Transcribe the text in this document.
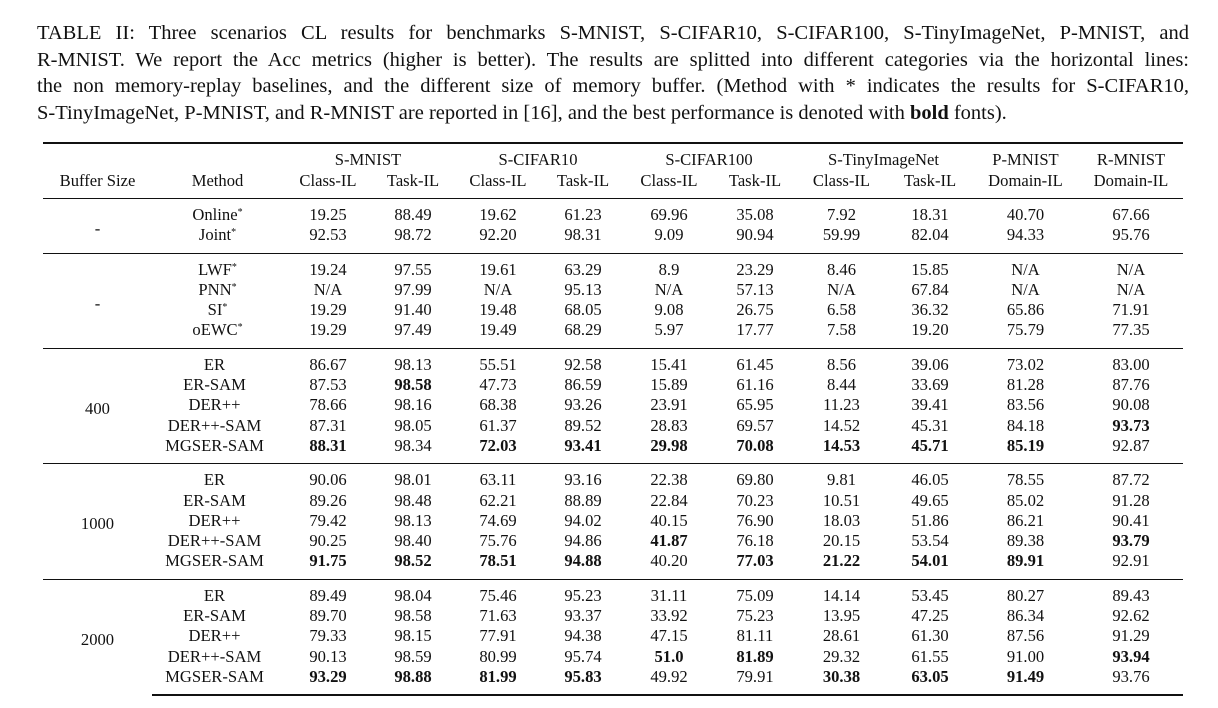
TABLE II: Three scenarios CL results for benchmarks S-MNIST, S-CIFAR10, S-CIFAR100, S-TinyImageNet, P-MNIST, and

R-MNIST. We report the Acc metrics (higher is better). The results are splitted into different categories via the horizontal lines:

the non memory-replay baselines, and the different size of memory buffer. (Method with * indicates the results for S-CIFAR10,

S-TinyImageNet, P-MNIST, and R-MNIST are reported in [16], and the best performance is denoted with bold fonts).

Buffer Size	Method	S-MNIST		S-CIFAR10		S-CIFAR100		S-TinyImageNet		P-MNIST	R-MNIST
		Class-IL	Task-IL	Class-IL	Task-IL	Class-IL	Task-IL	Class-IL	Task-IL	Domain-IL	Domain-IL
-	Online*	19.25	88.49	19.62	61.23	69.96	35.08	7.92	18.31	40.70	67.66
	Joint*	92.53	98.72	92.20	98.31	9.09	90.94	59.99	82.04	94.33	95.76
-	LWF*	19.24	97.55	19.61	63.29	8.9	23.29	8.46	15.85	N/A	N/A
	PNN*	N/A	97.99	N/A	95.13	N/A	57.13	N/A	67.84	N/A	N/A
	SI*	19.29	91.40	19.48	68.05	9.08	26.75	6.58	36.32	65.86	71.91
	oEWC*	19.29	97.49	19.49	68.29	5.97	17.77	7.58	19.20	75.79	77.35
400	ER	86.67	98.13	55.51	92.58	15.41	61.45	8.56	39.06	73.02	83.00
	ER-SAM	87.53	98.58	47.73	86.59	15.89	61.16	8.44	33.69	81.28	87.76
	DER++	78.66	98.16	68.38	93.26	23.91	65.95	11.23	39.41	83.56	90.08
	DER++-SAM	87.31	98.05	61.37	89.52	28.83	69.57	14.52	45.31	84.18	93.73
	MGSER-SAM	88.31	98.34	72.03	93.41	29.98	70.08	14.53	45.71	85.19	92.87
1000	ER	90.06	98.01	63.11	93.16	22.38	69.80	9.81	46.05	78.55	87.72
	ER-SAM	89.26	98.48	62.21	88.89	22.84	70.23	10.51	49.65	85.02	91.28
	DER++	79.42	98.13	74.69	94.02	40.15	76.90	18.03	51.86	86.21	90.41
	DER++-SAM	90.25	98.40	75.76	94.86	41.87	76.18	20.15	53.54	89.38	93.79
	MGSER-SAM	91.75	98.52	78.51	94.88	40.20	77.03	21.22	54.01	89.91	92.91
2000	ER	89.49	98.04	75.46	95.23	31.11	75.09	14.14	53.45	80.27	89.43
	ER-SAM	89.70	98.58	71.63	93.37	33.92	75.23	13.95	47.25	86.34	92.62
	DER++	79.33	98.15	77.91	94.38	47.15	81.11	28.61	61.30	87.56	91.29
	DER++-SAM	90.13	98.59	80.99	95.74	51.0	81.89	29.32	61.55	91.00	93.94
	MGSER-SAM	93.29	98.88	81.99	95.83	49.92	79.91	30.38	63.05	91.49	93.76
